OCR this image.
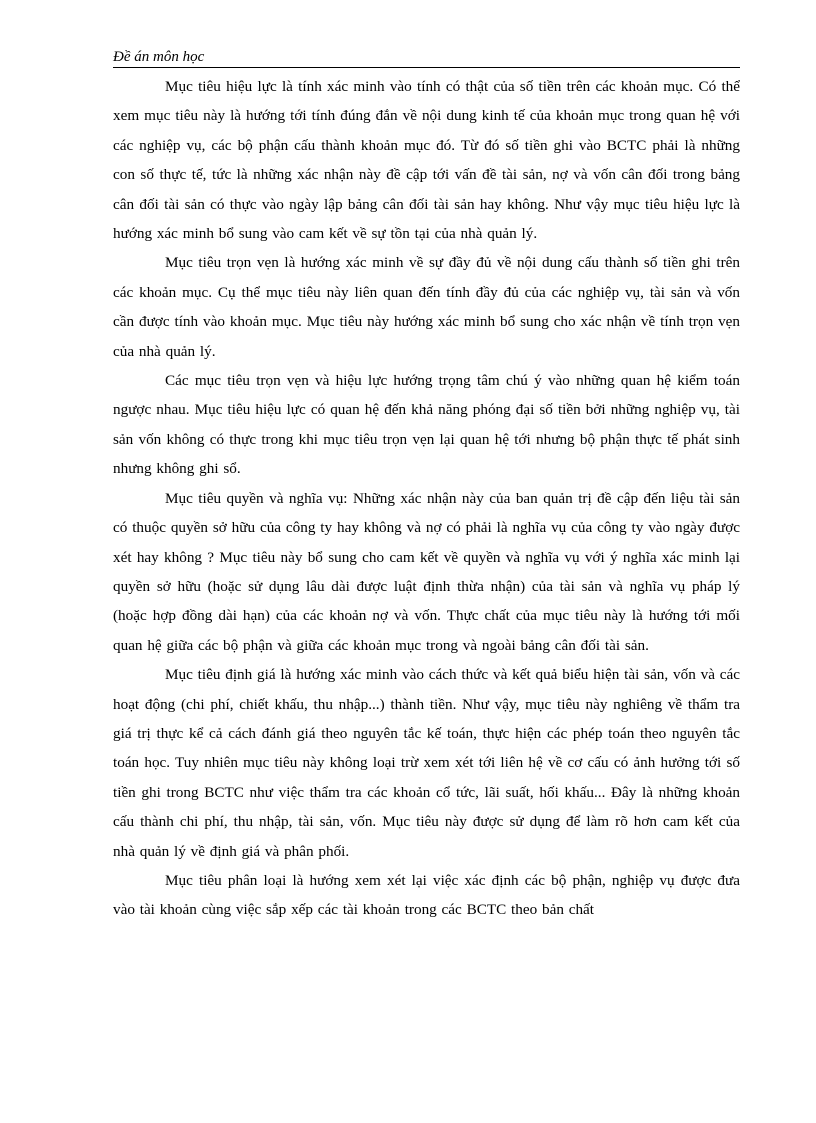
Đề án môn học

Mục tiêu hiệu lực là tính xác minh vào tính có thật của số tiền trên các khoản mục. Có thể xem mục tiêu này là hướng tới tính đúng đắn về nội dung kinh tế của khoản mục trong quan hệ với các nghiệp vụ, các bộ phận cấu thành khoản mục đó. Từ đó số tiền ghi vào BCTC phải là những con số thực tế, tức là những xác nhận này đề cập tới vấn đề tài sản, nợ và vốn cân đối trong bảng cân đối tài sản có thực vào ngày lập bảng cân đối tài sản hay không. Như vậy mục tiêu hiệu lực là hướng xác minh bổ sung vào cam kết về sự tồn tại của nhà quản lý.

Mục tiêu trọn vẹn là hướng xác minh về sự đầy đủ về nội dung cấu thành số tiền ghi trên các khoản mục. Cụ thể mục tiêu này liên quan đến tính đầy đủ của các nghiệp vụ, tài sản và vốn cần được tính vào khoản mục. Mục tiêu này hướng xác minh bổ sung cho xác nhận về tính trọn vẹn của nhà quản lý.

Các mục tiêu trọn vẹn và hiệu lực hướng trọng tâm chú ý vào những quan hệ kiểm toán ngược nhau. Mục tiêu hiệu lực có quan hệ đến khả năng phóng đại số tiền bởi những nghiệp vụ, tài sản vốn không có thực trong khi mục tiêu trọn vẹn lại quan hệ tới nhưng bộ phận thực tế phát sinh nhưng không ghi sổ.

Mục tiêu quyền và nghĩa vụ: Những xác nhận này của ban quản trị đề cập đến liệu tài sản có thuộc quyền sở hữu của công ty hay không và nợ có phải là nghĩa vụ của công ty vào ngày được xét hay không ? Mục tiêu này bổ sung cho cam kết về quyền và nghĩa vụ với ý nghĩa xác minh lại quyền sở hữu (hoặc sử dụng lâu dài được luật định thừa nhận) của tài sản và nghĩa vụ pháp lý (hoặc hợp đồng dài hạn) của các khoản nợ và vốn. Thực chất của mục tiêu này là hướng tới mối quan hệ giữa các bộ phận và giữa các khoản mục trong và ngoài bảng cân đối tài sản.

Mục tiêu định giá là hướng xác minh vào cách thức và kết quả biểu hiện tài sản, vốn và các hoạt động (chi phí, chiết khấu, thu nhập...) thành tiền. Như vậy, mục tiêu này nghiêng về thẩm tra giá trị thực kể cả cách đánh giá theo nguyên tắc kế toán, thực hiện các phép toán theo nguyên tắc toán học. Tuy nhiên mục tiêu này không loại trừ xem xét tới liên hệ về cơ cấu có ảnh hưởng tới số tiền ghi trong BCTC như việc thẩm tra các khoản cổ tức, lãi suất, hối khấu... Đây là những khoản cấu thành chi phí, thu nhập, tài sản, vốn. Mục tiêu này được sử dụng để làm rõ hơn cam kết của nhà quản lý về định giá và phân phối.

Mục tiêu phân loại là hướng xem xét lại việc xác định các bộ phận, nghiệp vụ được đưa vào tài khoản cùng việc sắp xếp các tài khoản trong các BCTC theo bản chất
